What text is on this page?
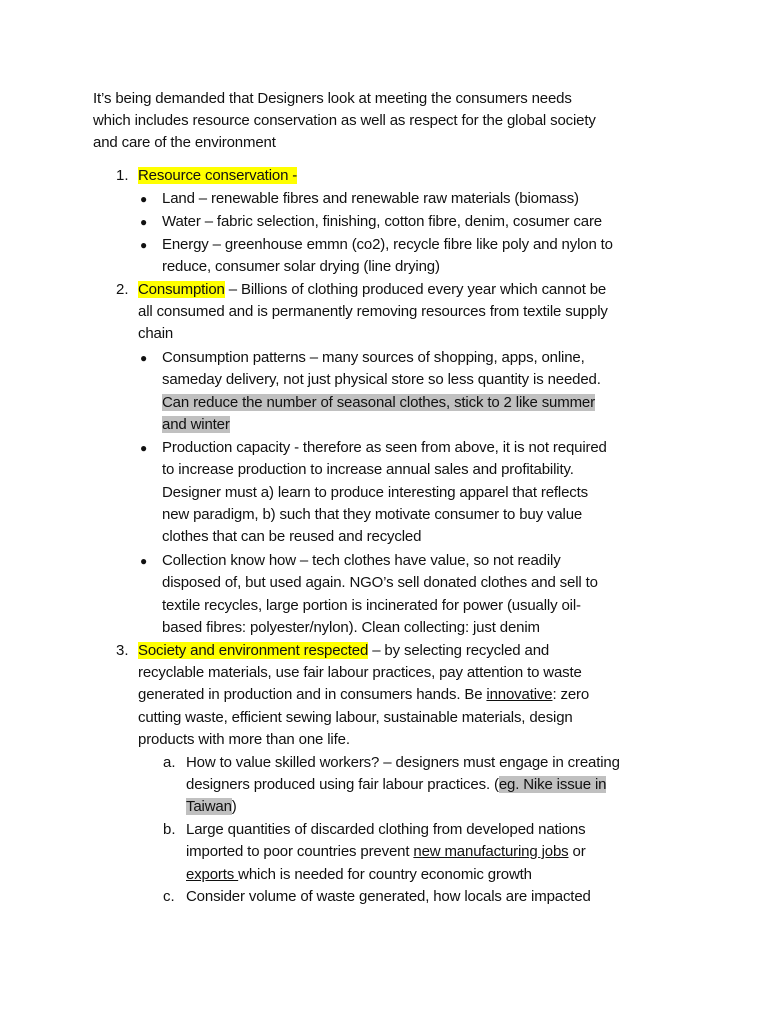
It’s being demanded that Designers look at meeting the consumers needs
which includes resource conservation as well as respect for the global society
and care of the environment
1. Resource conservation -
● Land – renewable fibres and renewable raw materials (biomass)
● Water – fabric selection, finishing, cotton fibre, denim, cosumer care
● Energy – greenhouse emmn (co2), recycle fibre like poly and nylon to
reduce, consumer solar drying (line drying)
2. Consumption – Billions of clothing produced every year which cannot be
all consumed and is permanently removing resources from textile supply
chain
● Consumption patterns – many sources of shopping, apps, online,
sameday delivery, not just physical store so less quantity is needed.
Can reduce the number of seasonal clothes, stick to 2 like summer
and winter
● Production capacity - therefore as seen from above, it is not required
to increase production to increase annual sales and profitability.
Designer must a) learn to produce interesting apparel that reflects
new paradigm, b) such that they motivate consumer to buy value
clothes that can be reused and recycled
● Collection know how – tech clothes have value, so not readily
disposed of, but used again. NGO’s sell donated clothes and sell to
textile recycles, large portion is incinerated for power (usually oil-
based fibres: polyester/nylon). Clean collecting: just denim
3. Society and environment respected – by selecting recycled and
recyclable materials, use fair labour practices, pay attention to waste
generated in production and in consumers hands. Be innovative: zero
cutting waste, efficient sewing labour, sustainable materials, design
products with more than one life.
a. How to value skilled workers? – designers must engage in creating
designers produced using fair labour practices. (eg. Nike issue in
Taiwan)
b. Large quantities of discarded clothing from developed nations
imported to poor countries prevent new manufacturing jobs or
exports which is needed for country economic growth
c. Consider volume of waste generated, how locals are impacted
